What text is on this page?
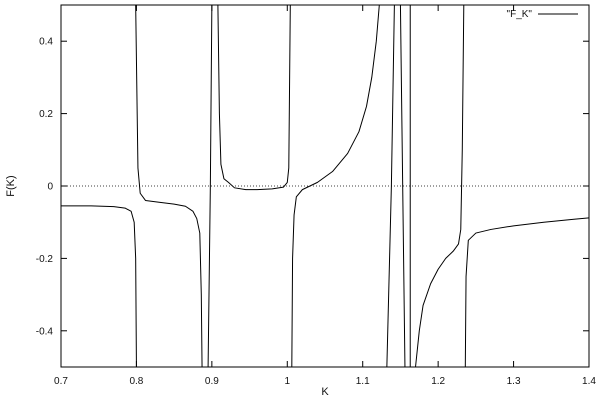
0.7	0.8	0.9	1	1.1	1.2	1.3	1.4
-0.4
-0.2
0
0.2
0.4
F(K)
K
"F_K"
